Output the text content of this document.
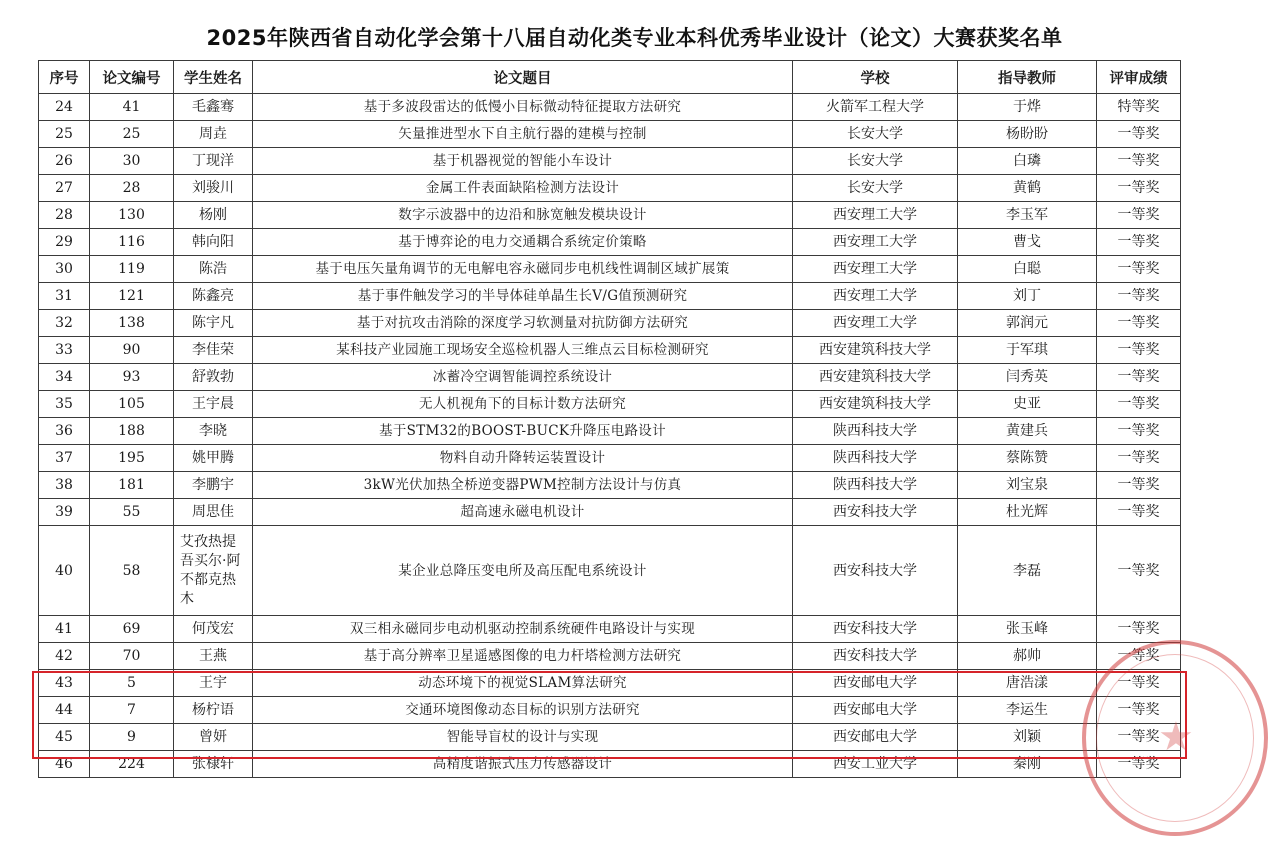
2025年陕西省自动化学会第十八届自动化类专业本科优秀毕业设计（论文）大赛获奖名单
序号	论文编号	学生姓名	论文题目	学校	指导教师	评审成绩
24	41	毛鑫骞	基于多波段雷达的低慢小目标微动特征提取方法研究	火箭军工程大学	于烨	特等奖
25	25	周垚	矢量推进型水下自主航行器的建模与控制	长安大学	杨盼盼	一等奖
26	30	丁现洋	基于机器视觉的智能小车设计	长安大学	白璘	一等奖
27	28	刘骏川	金属工件表面缺陷检测方法设计	长安大学	黄鹤	一等奖
28	130	杨刚	数字示波器中的边沿和脉宽触发模块设计	西安理工大学	李玉军	一等奖
29	116	韩向阳	基于博弈论的电力交通耦合系统定价策略	西安理工大学	曹戈	一等奖
30	119	陈浩	基于电压矢量角调节的无电解电容永磁同步电机线性调制区域扩展策	西安理工大学	白聪	一等奖
31	121	陈鑫亮	基于事件触发学习的半导体硅单晶生长V/G值预测研究	西安理工大学	刘丁	一等奖
32	138	陈宇凡	基于对抗攻击消除的深度学习软测量对抗防御方法研究	西安理工大学	郭润元	一等奖
33	90	李佳荣	某科技产业园施工现场安全巡检机器人三维点云目标检测研究	西安建筑科技大学	于军琪	一等奖
34	93	舒敦勃	冰蓄冷空调智能调控系统设计	西安建筑科技大学	闫秀英	一等奖
35	105	王宇晨	无人机视角下的目标计数方法研究	西安建筑科技大学	史亚	一等奖
36	188	李晓	基于STM32的BOOST-BUCK升降压电路设计	陕西科技大学	黄建兵	一等奖
37	195	姚甲腾	物料自动升降转运装置设计	陕西科技大学	蔡陈赞	一等奖
38	181	李鹏宇	3kW光伏加热全桥逆变器PWM控制方法设计与仿真	陕西科技大学	刘宝泉	一等奖
39	55	周思佳	超高速永磁电机设计	西安科技大学	杜光辉	一等奖
40	58	艾孜热提吾买尔·阿不都克热木	某企业总降压变电所及高压配电系统设计	西安科技大学	李磊	一等奖
41	69	何茂宏	双三相永磁同步电动机驱动控制系统硬件电路设计与实现	西安科技大学	张玉峰	一等奖
42	70	王燕	基于高分辨率卫星遥感图像的电力杆塔检测方法研究	西安科技大学	郝帅	一等奖
43	5	王宇	动态环境下的视觉SLAM算法研究	西安邮电大学	唐浩漾	一等奖
44	7	杨柠语	交通环境图像动态目标的识别方法研究	西安邮电大学	李运生	一等奖
45	9	曾妍	智能导盲杖的设计与实现	西安邮电大学	刘颖	一等奖
46	224	张棣轩	高精度谐振式压力传感器设计	西安工业大学	秦刚	一等奖
★
